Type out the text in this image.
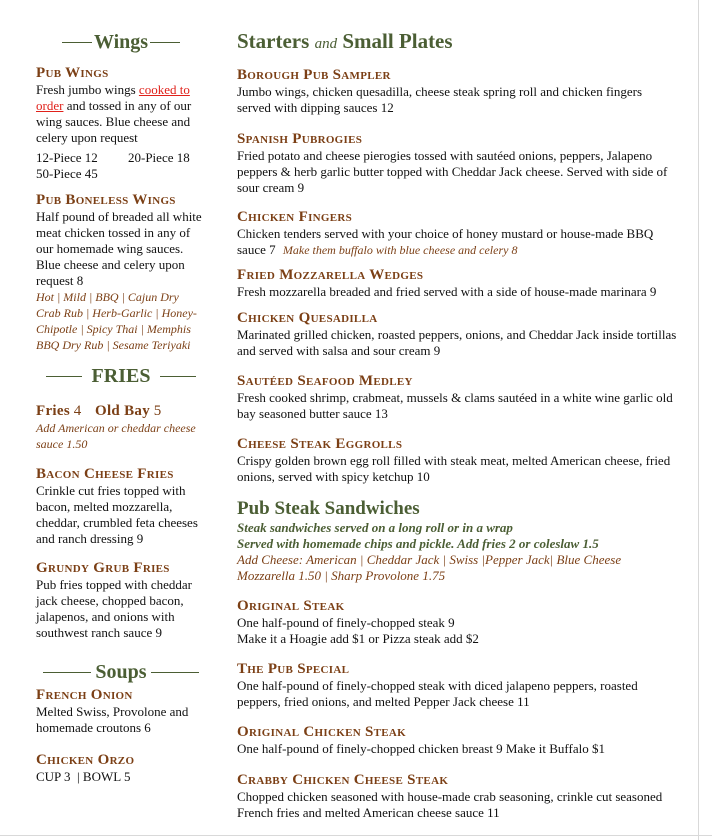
Wings
Pub Wings
Fresh jumbo wings cooked to order and tossed in any of our wing sauces. Blue cheese and celery upon request
12-Piece 12	20-Piece 18
50-Piece 45
Pub Boneless Wings
Half pound of breaded all white meat chicken tossed in any of our homemade wing sauces. Blue cheese and celery upon request 8
Hot | Mild | BBQ | Cajun Dry Crab Rub | Herb-Garlic | Honey-Chipotle | Spicy Thai | Memphis BBQ Dry Rub | Sesame Teriyaki
FRIES
Fries 4 Old Bay 5
Add American or cheddar cheese sauce 1.50
Bacon Cheese Fries
Crinkle cut fries topped with bacon, melted mozzarella, cheddar, crumbled feta cheeses and ranch dressing 9
Grundy Grub Fries
Pub fries topped with cheddar jack cheese, chopped bacon, jalapenos, and onions with southwest ranch sauce 9
Soups
French Onion
Melted Swiss, Provolone and homemade croutons 6
Chicken Orzo
CUP 3  | BOWL 5
Starters and Small Plates
Borough Pub Sampler
Jumbo wings, chicken quesadilla, cheese steak spring roll and chicken fingers served with dipping sauces 12
Spanish Pubrogies
Fried potato and cheese pierogies tossed with sautéed onions, peppers, Jalapeno peppers & herb garlic butter topped with Cheddar Jack cheese. Served with side of sour cream 9
Chicken Fingers
Chicken tenders served with your choice of honey mustard or house-made BBQ sauce 7 Make them buffalo with blue cheese and celery 8
Fried Mozzarella Wedges
Fresh mozzarella breaded and fried served with a side of house-made marinara 9
Chicken Quesadilla
Marinated grilled chicken, roasted peppers, onions, and Cheddar Jack inside tortillas and served with salsa and sour cream 9
Sautéed Seafood Medley
Fresh cooked shrimp, crabmeat, mussels & clams sautéed in a white wine garlic old bay seasoned butter sauce 13
Cheese Steak Eggrolls
Crispy golden brown egg roll filled with steak meat, melted American cheese, fried onions, served with spicy ketchup 10
Pub Steak Sandwiches
Steak sandwiches served on a long roll or in a wrap
Served with homemade chips and pickle. Add fries 2 or coleslaw 1.5
Add Cheese: American | Cheddar Jack | Swiss |Pepper Jack| Blue Cheese Mozzarella 1.50 | Sharp Provolone 1.75
Original Steak
One half-pound of finely-chopped steak 9
Make it a Hoagie add $1 or Pizza steak add $2
The Pub Special
One half-pound of finely-chopped steak with diced jalapeno peppers, roasted peppers, fried onions, and melted Pepper Jack cheese 11
Original Chicken Steak
One half-pound of finely-chopped chicken breast 9 Make it Buffalo $1
Crabby Chicken Cheese Steak
Chopped chicken seasoned with house-made crab seasoning, crinkle cut seasoned French fries and melted American cheese sauce 11
